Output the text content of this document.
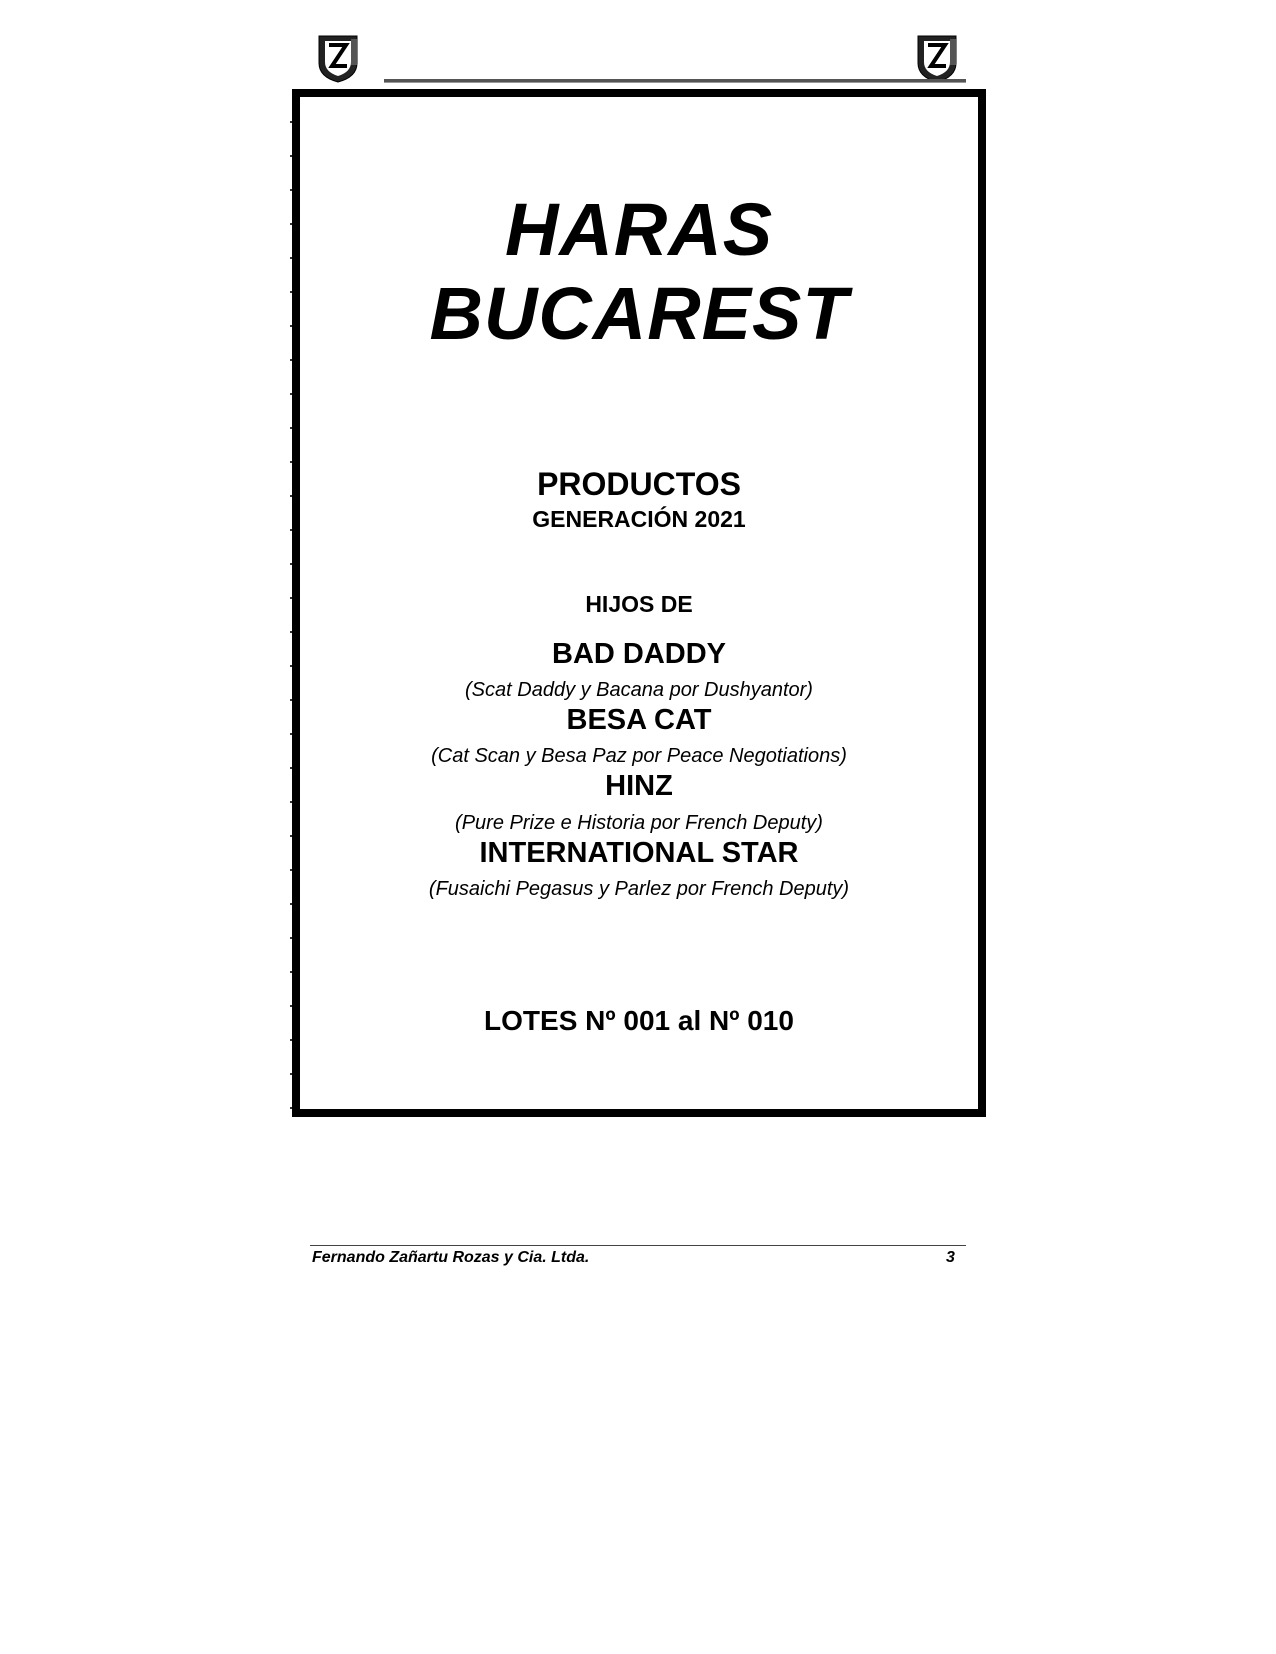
HARAS
BUCAREST
PRODUCTOS
GENERACIÓN 2021
HIJOS DE
BAD DADDY
(Scat Daddy y Bacana por Dushyantor)
BESA CAT
(Cat Scan y Besa Paz por Peace Negotiations)
HINZ
(Pure Prize e Historia por French Deputy)
INTERNATIONAL STAR
(Fusaichi Pegasus y Parlez por French Deputy)
LOTES Nº 001 al Nº 010
Fernando Zañartu Rozas y Cia. Ltda.	3
